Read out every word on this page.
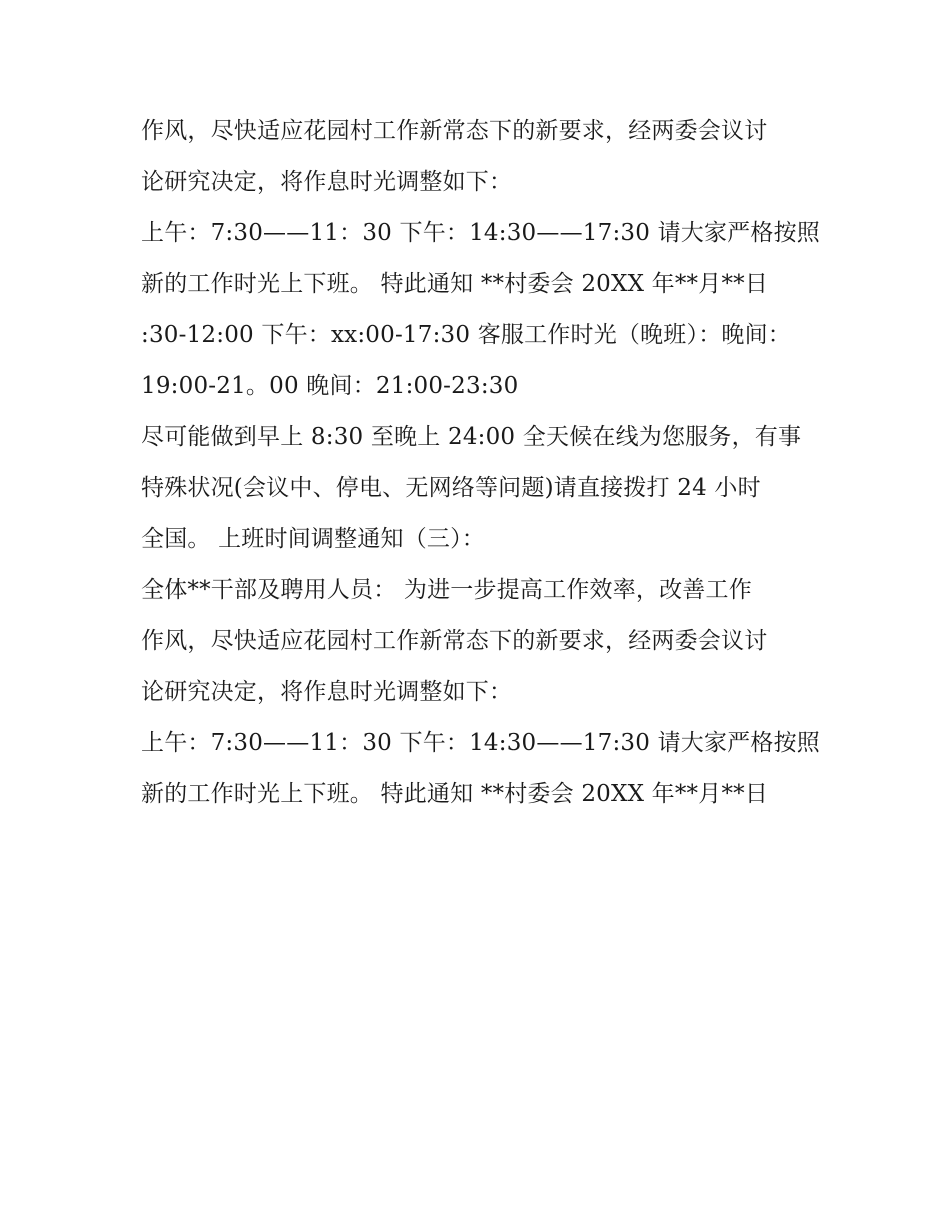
作风，尽快适应花园村工作新常态下的新要求，经两委会议讨
论研究决定，将作息时光调整如下：
上午：7:30——11：30 下午：14:30——17:30 请大家严格按照
新的工作时光上下班。 特此通知 **村委会 20XX 年**月**日
:30-12:00 下午：xx:00-17:30 客服工作时光（晚班）：晚间：
19:00-21。00 晚间：21:00-23:30
尽可能做到早上 8:30 至晚上 24:00 全天候在线为您服务，有事
特殊状况(会议中、停电、无网络等问题)请直接拨打 24 小时
全国。 上班时间调整通知（三）：
全体**干部及聘用人员： 为进一步提高工作效率，改善工作
作风，尽快适应花园村工作新常态下的新要求，经两委会议讨
论研究决定，将作息时光调整如下：
上午：7:30——11：30 下午：14:30——17:30 请大家严格按照
新的工作时光上下班。 特此通知 **村委会 20XX 年**月**日
